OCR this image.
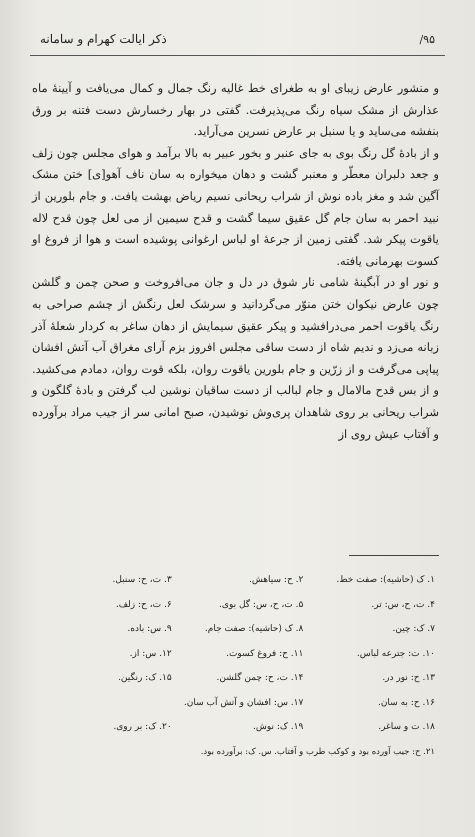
۹۵/
ذکر ایالت کهرام و سامانه

و منشور عارض زیبای او به طغرای خط غالیه رنگ جمال و کمال می‌یافت و آیینهٔ ماه عذارش از مشک سیاه رنگ می‌پذیرفت. گفتی در بهار رخسارش دست فتنه بر ورق بنفشه می‌ساید و یا سنبل بر عارض نسرین می‌آراید.

و از بادهٔ گل رنگ بوی به جای عنبر و بخور عبیر به بالا برآمد و هوای مجلس چون زلف و جعد دلبران معطّر و معنبر گشت و دهان میخواره به سان ناف آهو[ی] ختن مشک آگین شد و مغز باده نوش از شراب ریحانی نسیم ریاض بهشت یافت. و جام بلورین از نبید احمر به سان جام گل عقیق سیما گشت و قدح سیمین از می لعل چون قدح لاله یاقوت پیکر شد. گفتی زمین از جرعهٔ او لباس ارغوانی پوشیده است و هوا از فروغ او کسوت بهرمانی یافته.

و نور او در آبگینهٔ شامی نار شوق در دل و جان می‌افروخت و صحن چمن و گلشن چون عارض نیکوان ختن منوّر می‌گردانید و سرشک لعل رنگش از چشم صراحی به رنگ یاقوت احمر می‌درافشید و پیکر عقیق سیمایش از دهان ساغر به کردار شعلهٔ آذر زبانه می‌زد و ندیم شاه از دست ساقی مجلس افروز بزم آرای مغراق آب آتش افشان پیاپی می‌گرفت و از زرّین و جام بلورین یاقوت روان، بلکه قوت روان، دمادم می‌کشید. و از بس قدح مالامال و جام لبالب از دست ساقیان نوشین لب گرفتن و بادهٔ گلگون و شراب ریحانی بر روی شاهدان پری‌وش نوشیدن، صبح امانی سر از جیب مراد برآورده و آفتاب عیش روی از

۱. ک (حاشیه): صفت خط.
۲. ح: سیاهش.
۳. ت، ح: سنبل.
۴. ت، ح، س: تر.
۵. ت، ح، س: گل بوی.
۶. ت، ح: زلف.
۷. ک: چین.
۸. ک (حاشیه): صفت جام.
۹. س: باده.
۱۰. ت: جترعه لباس.
۱۱. ح: فروغ کسوت.
۱۲. س: از.
۱۳. ح: نور در.
۱۴. ت، ح: چمن گلشن.
۱۵. ک: رنگین.
۱۶. ح: به سان.
۱۷. س: افشان و آتش آب سان.
۱۸. ت و ساغر.
۱۹. ک: نوش.
۲۰. ک: بر روی.
۲۱. ح: جیب آورده بود و کوکب طرب و آفتاب. س. ک: برآورده بود.
